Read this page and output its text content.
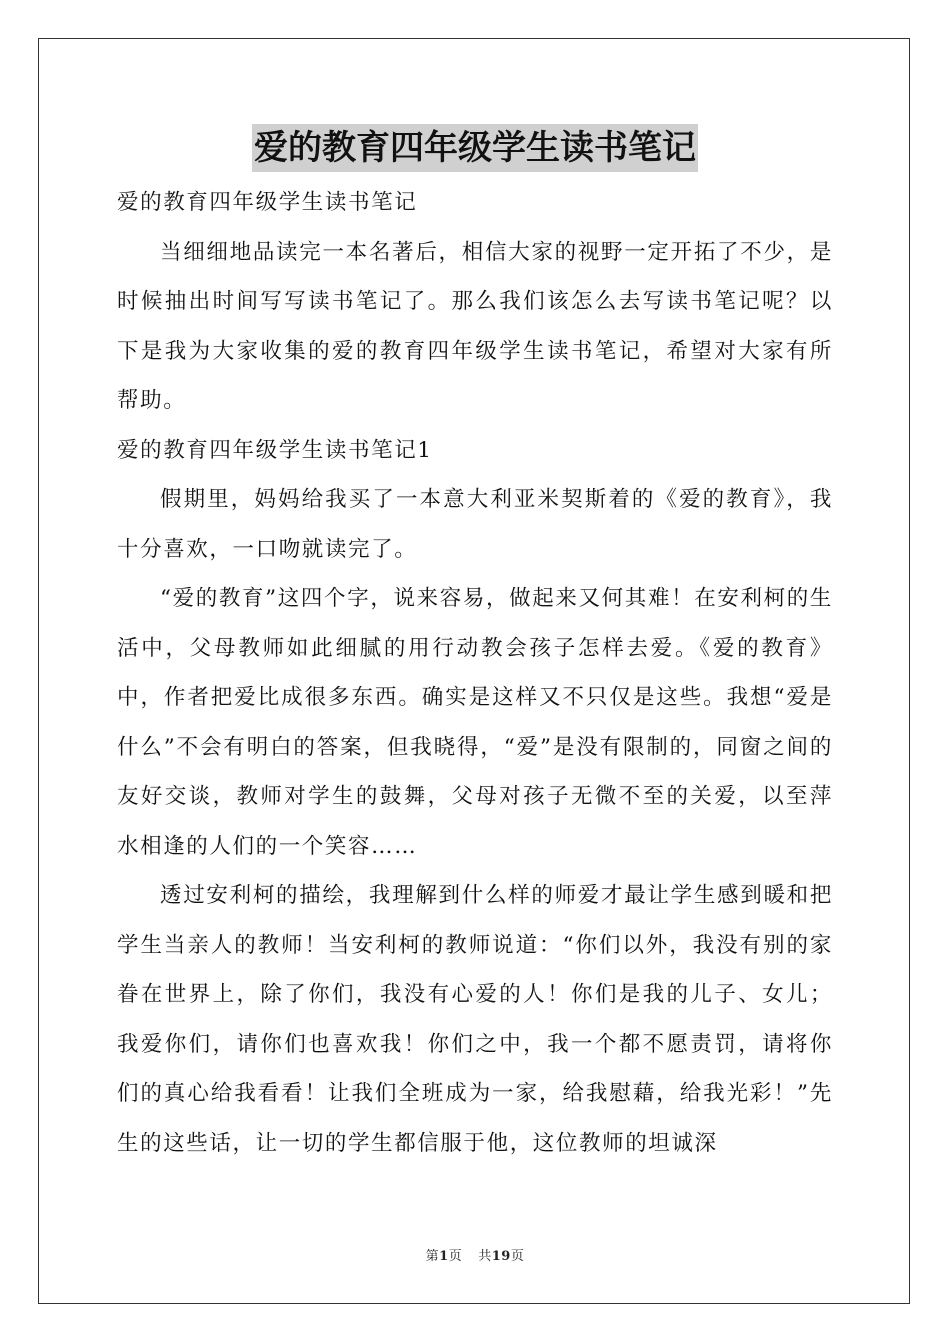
爱的教育四年级学生读书笔记

爱的教育四年级学生读书笔记

当细细地品读完一本名著后，相信大家的视野一定开拓了不少，是时候抽出时间写写读书笔记了。那么我们该怎么去写读书笔记呢？以下是我为大家收集的爱的教育四年级学生读书笔记，希望对大家有所帮助。

爱的教育四年级学生读书笔记1

假期里，妈妈给我买了一本意大利亚米契斯着的《爱的教育》，我十分喜欢，一口吻就读完了。

“爱的教育”这四个字，说来容易，做起来又何其难！在安利柯的生活中，父母教师如此细腻的用行动教会孩子怎样去爱。《爱的教育》中，作者把爱比成很多东西。确实是这样又不只仅是这些。我想“爱是什么”不会有明白的答案，但我晓得，“爱”是没有限制的，同窗之间的友好交谈，教师对学生的鼓舞，父母对孩子无微不至的关爱，以至萍水相逢的人们的一个笑容……

透过安利柯的描绘，我理解到什么样的师爱才最让学生感到暖和把学生当亲人的教师！当安利柯的教师说道：“你们以外，我没有别的家眷在世界上，除了你们，我没有心爱的人！你们是我的儿子、女儿；我爱你们，请你们也喜欢我！你们之中，我一个都不愿责罚，请将你们的真心给我看看！让我们全班成为一家，给我慰藉，给我光彩！”先生的这些话，让一切的学生都信服于他，这位教师的坦诚深

第1页 共19页
